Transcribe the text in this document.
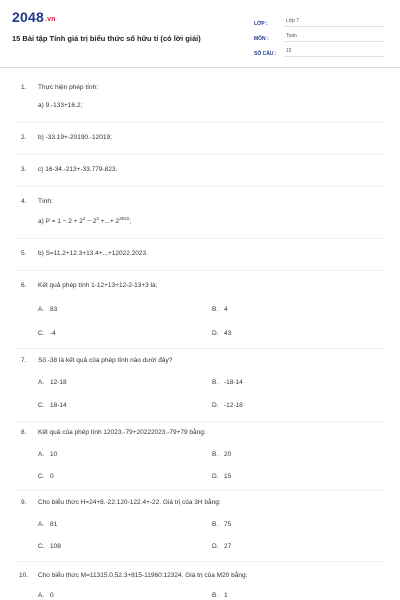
2048.vn
15 Bài tập Tính giá trị biểu thức số hữu tỉ (có lời giải)
LỚP :	Lớp 7
MÔN :	Toán
SỐ CÂU :	15
1. Thực hiện phép tính:
a) 9.-133+16.2;
2. b) -33.19+-20190.-12019;
3. c) 16-34.-213+-33.779-823.
4. Tính:
a) $P = 1 - 2 + 2^2 - 2^3$ +...+ $2^{2022}$;
5. b) S=11.2+12.3+13.4+...+12022.2023.
6. Kết quả phép tính 1-12+13+12-2-13+3 là:
A. 83	B. 4
C. -4	D. 43
7. Số -38 là kết quả của phép tính nào dưới đây?
A. 12-18	B. -18-14
C. 18-14	D. -12-18
8. Kết quả của phép tính 12023.-79+20222023.-79+79 bằng:
A. 10	B. 20
C. 0	D. 15
9. Cho biểu thức H=24+8.-22:120-122.4+-22. Giá trị của 3H bằng:
A. 81	B. 75
C. 108	D. 27
10. Cho biểu thức M=11315.0,52.3+815-11960:12324. Giá trị của M20 bằng:
A. 0	B. 1
